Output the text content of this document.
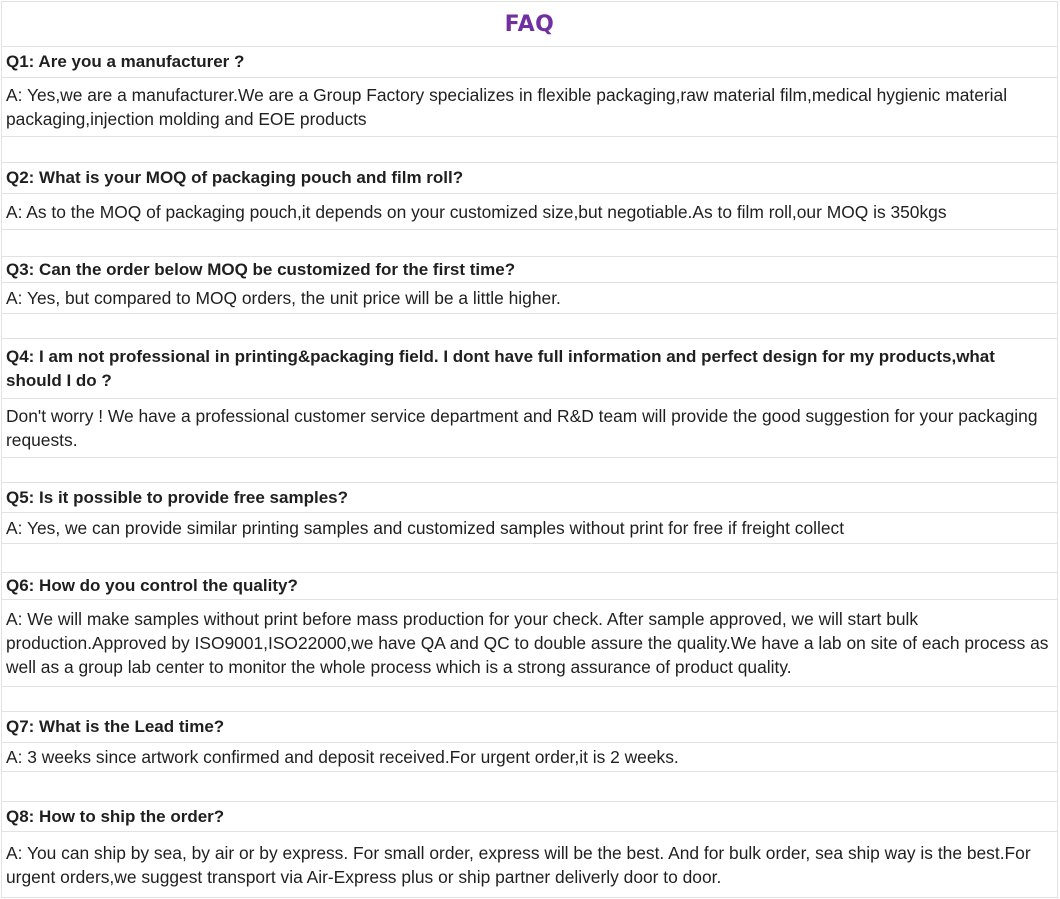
FAQ
Q1: Are you a manufacturer ?
A: Yes,we are a manufacturer.We are a Group Factory specializes in flexible packaging,raw material film,medical hygienic material packaging,injection molding and EOE products
Q2: What is your MOQ of packaging pouch and film roll?
A: As to the MOQ of packaging pouch,it depends on your customized size,but negotiable.As to film roll,our MOQ is 350kgs
Q3: Can the order below MOQ be customized for the first time?
A: Yes, but compared to MOQ orders, the unit price will be a little higher.
Q4: I am not professional in printing&packaging field. I dont have full information and perfect design for my products,what should I do ?
Don't worry ! We have a professional customer service department and R&D team will provide the good suggestion for your packaging requests.
Q5: Is it possible to provide free samples?
A: Yes, we can provide similar printing samples and customized samples without print for free if freight collect
Q6: How do you control the quality?
A: We will make samples without print before mass production for your check. After sample approved, we will start bulk production.Approved by ISO9001,ISO22000,we have QA and QC to double assure the quality.We have a lab on site of each process as well as a group lab center to monitor the whole process which is a strong assurance of product quality.
Q7: What is the Lead time?
A: 3 weeks since artwork confirmed and deposit received.For urgent order,it is 2 weeks.
Q8: How to ship the order?
A: You can ship by sea, by air or by express. For small order, express will be the best. And for bulk order, sea ship way is the best.For urgent orders,we suggest transport via Air-Express plus or ship partner deliverly door to door.
